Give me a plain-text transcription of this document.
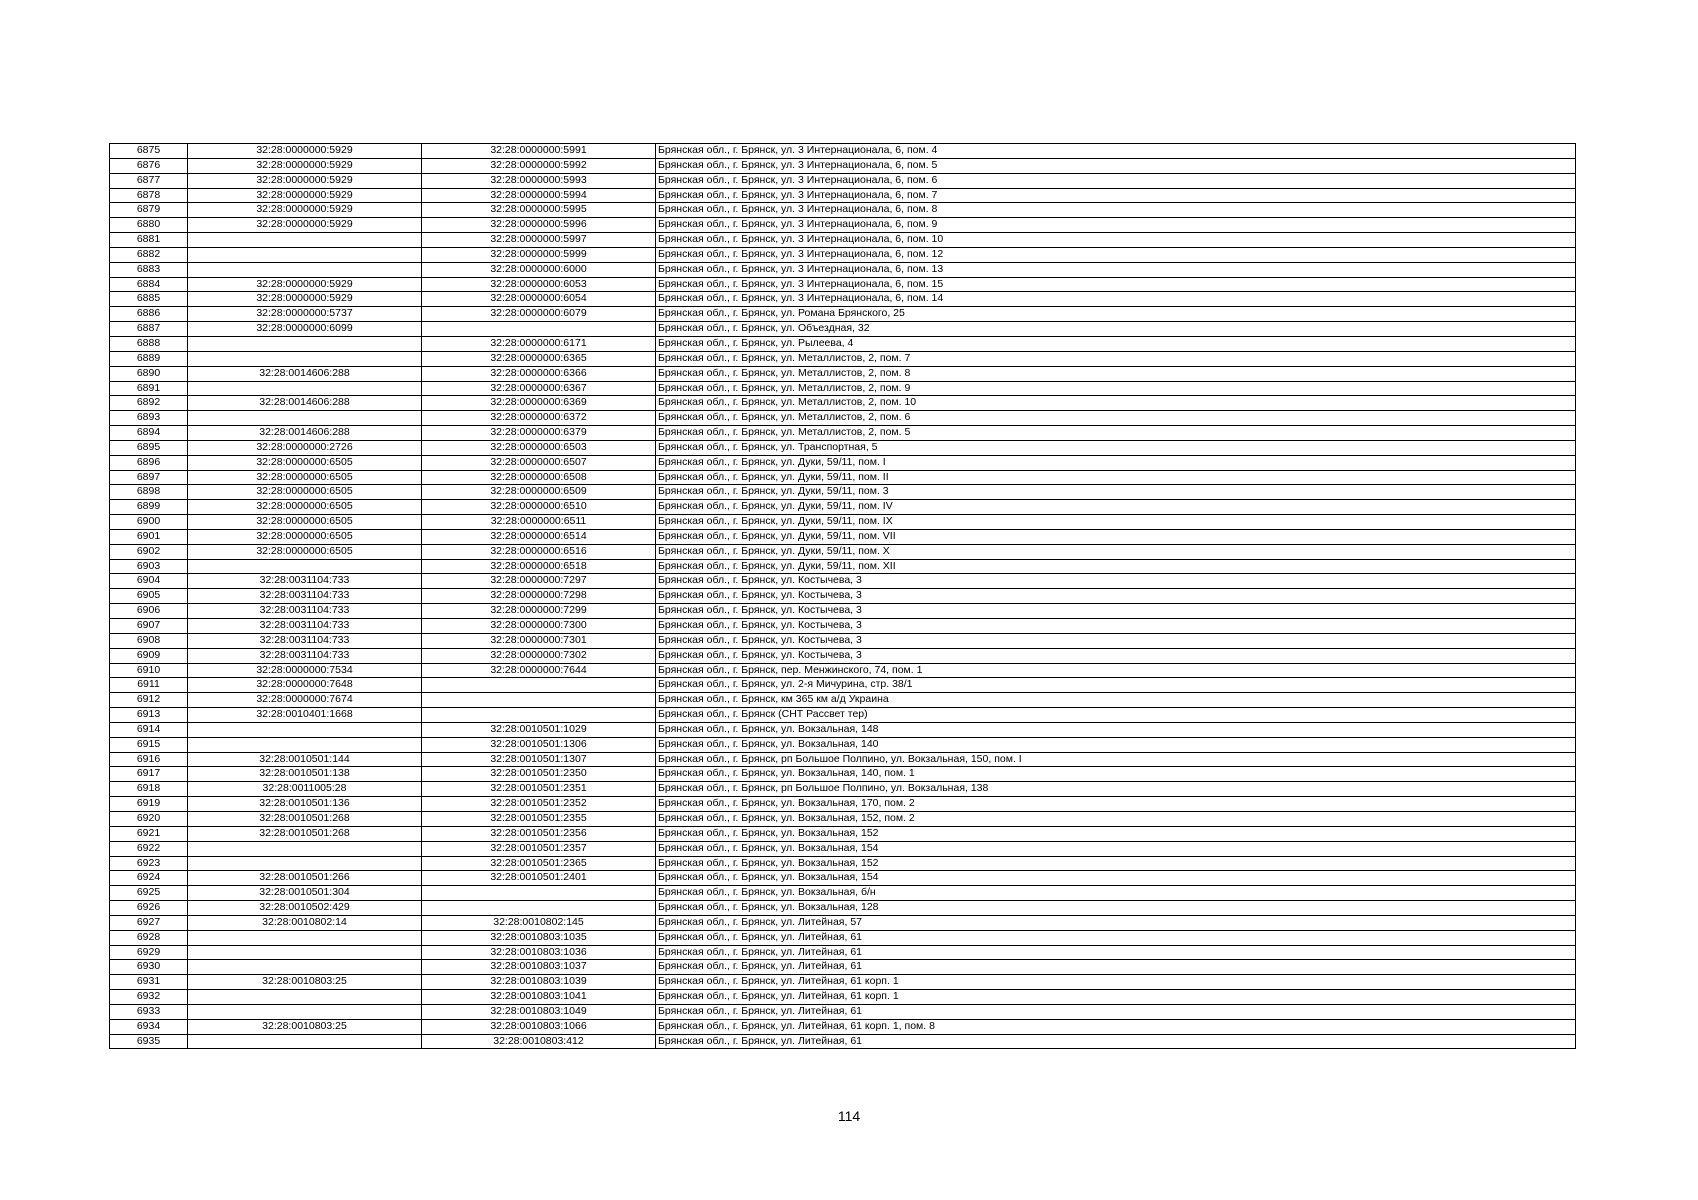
6875	32:28:0000000:5929	32:28:0000000:5991	Брянская обл., г. Брянск, ул. 3 Интернационала, 6, пом. 4
6876	32:28:0000000:5929	32:28:0000000:5992	Брянская обл., г. Брянск, ул. 3 Интернационала, 6, пом. 5
6877	32:28:0000000:5929	32:28:0000000:5993	Брянская обл., г. Брянск, ул. 3 Интернационала, 6, пом. 6
6878	32:28:0000000:5929	32:28:0000000:5994	Брянская обл., г. Брянск, ул. 3 Интернационала, 6, пом. 7
6879	32:28:0000000:5929	32:28:0000000:5995	Брянская обл., г. Брянск, ул. 3 Интернационала, 6, пом. 8
6880	32:28:0000000:5929	32:28:0000000:5996	Брянская обл., г. Брянск, ул. 3 Интернационала, 6, пом. 9
6881		32:28:0000000:5997	Брянская обл., г. Брянск, ул. 3 Интернационала, 6, пом. 10
6882		32:28:0000000:5999	Брянская обл., г. Брянск, ул. 3 Интернационала, 6, пом. 12
6883		32:28:0000000:6000	Брянская обл., г. Брянск, ул. 3 Интернационала, 6, пом. 13
6884	32:28:0000000:5929	32:28:0000000:6053	Брянская обл., г. Брянск, ул. 3 Интернационала, 6, пом. 15
6885	32:28:0000000:5929	32:28:0000000:6054	Брянская обл., г. Брянск, ул. 3 Интернационала, 6, пом. 14
6886	32:28:0000000:5737	32:28:0000000:6079	Брянская обл., г. Брянск, ул. Романа Брянского, 25
6887	32:28:0000000:6099		Брянская обл., г. Брянск, ул. Объездная, 32
6888		32:28:0000000:6171	Брянская обл., г. Брянск, ул. Рылеева, 4
6889		32:28:0000000:6365	Брянская обл., г. Брянск, ул. Металлистов, 2, пом. 7
6890	32:28:0014606:288	32:28:0000000:6366	Брянская обл., г. Брянск, ул. Металлистов, 2, пом. 8
6891		32:28:0000000:6367	Брянская обл., г. Брянск, ул. Металлистов, 2, пом. 9
6892	32:28:0014606:288	32:28:0000000:6369	Брянская обл., г. Брянск, ул. Металлистов, 2, пом. 10
6893		32:28:0000000:6372	Брянская обл., г. Брянск, ул. Металлистов, 2, пом. 6
6894	32:28:0014606:288	32:28:0000000:6379	Брянская обл., г. Брянск, ул. Металлистов, 2, пом. 5
6895	32:28:0000000:2726	32:28:0000000:6503	Брянская обл., г. Брянск, ул. Транспортная, 5
6896	32:28:0000000:6505	32:28:0000000:6507	Брянская обл., г. Брянск, ул. Дуки, 59/11, пом. I
6897	32:28:0000000:6505	32:28:0000000:6508	Брянская обл., г. Брянск, ул. Дуки, 59/11, пом. II
6898	32:28:0000000:6505	32:28:0000000:6509	Брянская обл., г. Брянск, ул. Дуки, 59/11, пом. 3
6899	32:28:0000000:6505	32:28:0000000:6510	Брянская обл., г. Брянск, ул. Дуки, 59/11, пом. IV
6900	32:28:0000000:6505	32:28:0000000:6511	Брянская обл., г. Брянск, ул. Дуки, 59/11, пом. IX
6901	32:28:0000000:6505	32:28:0000000:6514	Брянская обл., г. Брянск, ул. Дуки, 59/11, пом. VII
6902	32:28:0000000:6505	32:28:0000000:6516	Брянская обл., г. Брянск, ул. Дуки, 59/11, пом. X
6903		32:28:0000000:6518	Брянская обл., г. Брянск, ул. Дуки, 59/11, пом. XII
6904	32:28:0031104:733	32:28:0000000:7297	Брянская обл., г. Брянск, ул. Костычева, 3
6905	32:28:0031104:733	32:28:0000000:7298	Брянская обл., г. Брянск, ул. Костычева, 3
6906	32:28:0031104:733	32:28:0000000:7299	Брянская обл., г. Брянск, ул. Костычева, 3
6907	32:28:0031104:733	32:28:0000000:7300	Брянская обл., г. Брянск, ул. Костычева, 3
6908	32:28:0031104:733	32:28:0000000:7301	Брянская обл., г. Брянск, ул. Костычева, 3
6909	32:28:0031104:733	32:28:0000000:7302	Брянская обл., г. Брянск, ул. Костычева, 3
6910	32:28:0000000:7534	32:28:0000000:7644	Брянская обл., г. Брянск, пер. Менжинского, 74, пом. 1
6911	32:28:0000000:7648		Брянская обл., г. Брянск, ул. 2-я Мичурина, стр. 38/1
6912	32:28:0000000:7674		Брянская обл., г. Брянск, км 365 км а/д Украина
6913	32:28:0010401:1668		Брянская обл., г. Брянск (СНТ Рассвет тер)
6914		32:28:0010501:1029	Брянская обл., г. Брянск, ул. Вокзальная, 148
6915		32:28:0010501:1306	Брянская обл., г. Брянск, ул. Вокзальная, 140
6916	32:28:0010501:144	32:28:0010501:1307	Брянская обл., г. Брянск, рп Большое Полпино, ул. Вокзальная, 150, пом. I
6917	32:28:0010501:138	32:28:0010501:2350	Брянская обл., г. Брянск, ул. Вокзальная, 140, пом. 1
6918	32:28:0011005:28	32:28:0010501:2351	Брянская обл., г. Брянск, рп Большое Полпино, ул. Вокзальная, 138
6919	32:28:0010501:136	32:28:0010501:2352	Брянская обл., г. Брянск, ул. Вокзальная, 170, пом. 2
6920	32:28:0010501:268	32:28:0010501:2355	Брянская обл., г. Брянск, ул. Вокзальная, 152, пом. 2
6921	32:28:0010501:268	32:28:0010501:2356	Брянская обл., г. Брянск, ул. Вокзальная, 152
6922		32:28:0010501:2357	Брянская обл., г. Брянск, ул. Вокзальная, 154
6923		32:28:0010501:2365	Брянская обл., г. Брянск, ул. Вокзальная, 152
6924	32:28:0010501:266	32:28:0010501:2401	Брянская обл., г. Брянск, ул. Вокзальная, 154
6925	32:28:0010501:304		Брянская обл., г. Брянск, ул. Вокзальная, б/н
6926	32:28:0010502:429		Брянская обл., г. Брянск, ул. Вокзальная, 128
6927	32:28:0010802:14	32:28:0010802:145	Брянская обл., г. Брянск, ул. Литейная, 57
6928		32:28:0010803:1035	Брянская обл., г. Брянск, ул. Литейная, 61
6929		32:28:0010803:1036	Брянская обл., г. Брянск, ул. Литейная, 61
6930		32:28:0010803:1037	Брянская обл., г. Брянск, ул. Литейная, 61
6931	32:28:0010803:25	32:28:0010803:1039	Брянская обл., г. Брянск, ул. Литейная, 61 корп. 1
6932		32:28:0010803:1041	Брянская обл., г. Брянск, ул. Литейная, 61 корп. 1
6933		32:28:0010803:1049	Брянская обл., г. Брянск, ул. Литейная, 61
6934	32:28:0010803:25	32:28:0010803:1066	Брянская обл., г. Брянск, ул. Литейная, 61 корп. 1, пом. 8
6935		32:28:0010803:412	Брянская обл., г. Брянск, ул. Литейная, 61
114
